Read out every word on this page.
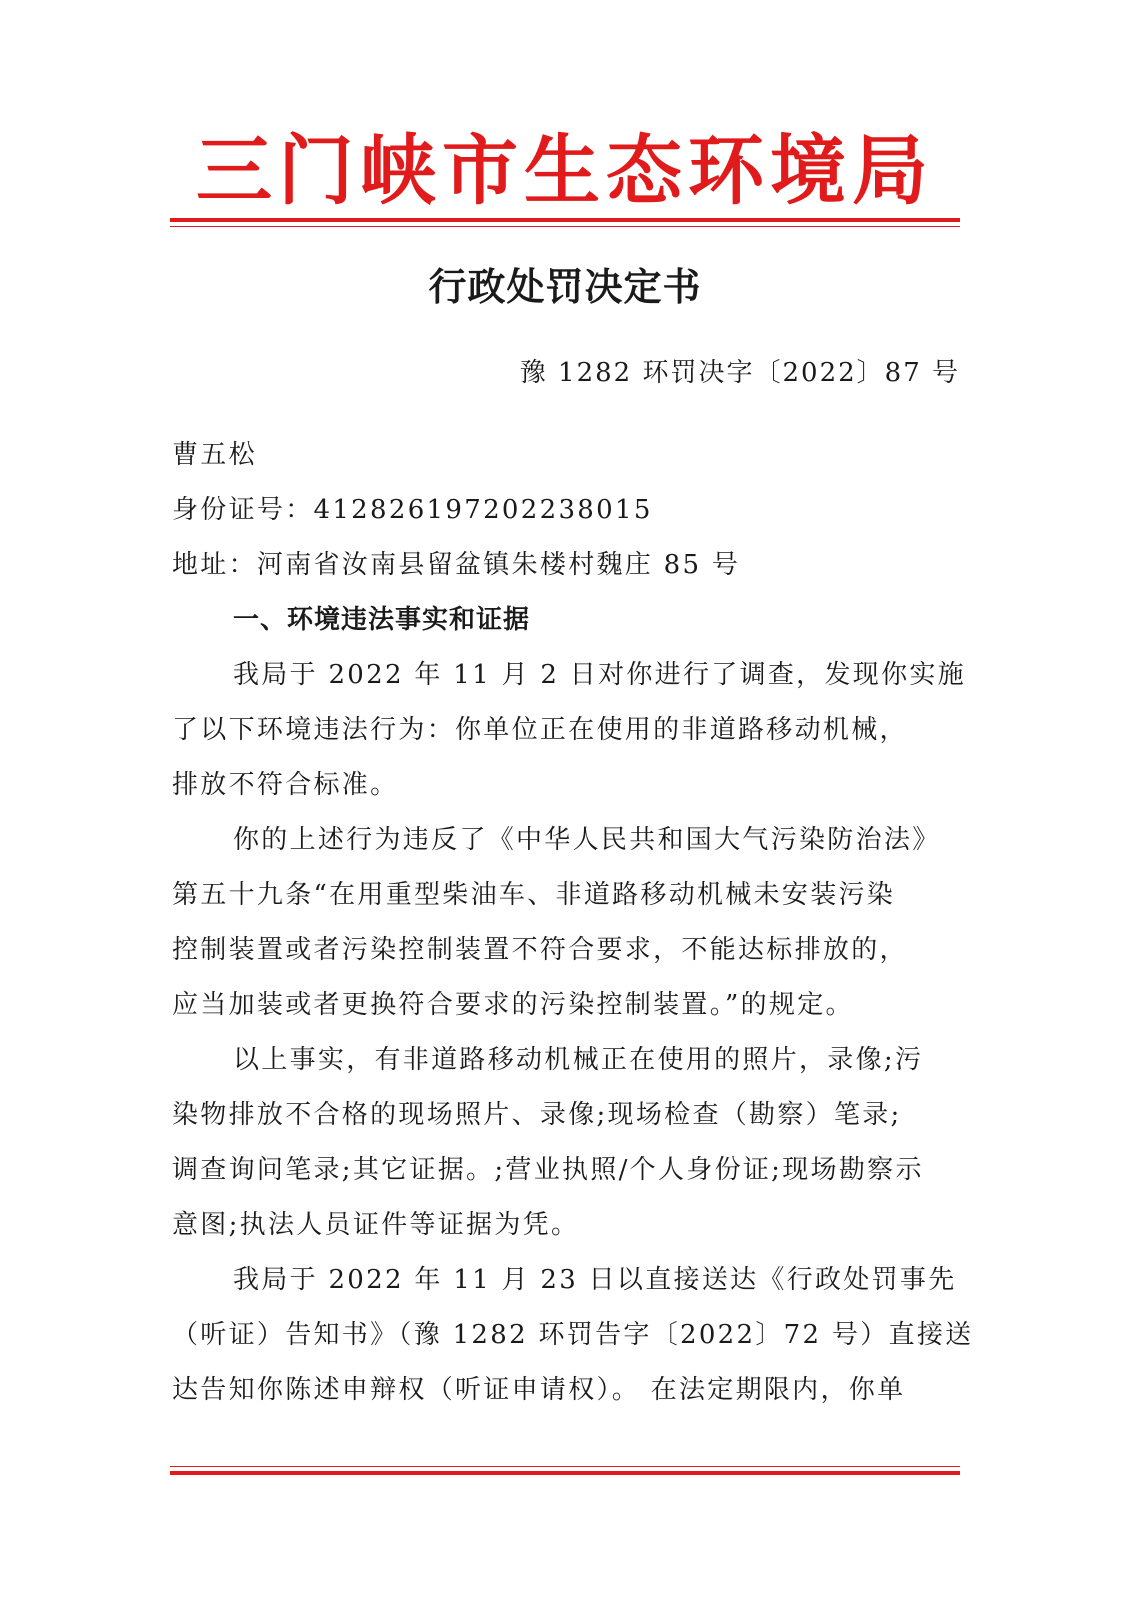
三门峡市生态环境局
行政处罚决定书
豫 1282 环罚决字〔2022〕87 号
曹五松
身份证号：412826197202238015
地址：河南省汝南县留盆镇朱楼村魏庄 85 号
一、环境违法事实和证据
我局于 2022 年 11 月 2 日对你进行了调查，发现你实施
了以下环境违法行为：你单位正在使用的非道路移动机械，
排放不符合标准。
你的上述行为违反了《中华人民共和国大气污染防治法》
第五十九条“在用重型柴油车、非道路移动机械未安装污染
控制装置或者污染控制装置不符合要求，不能达标排放的，
应当加装或者更换符合要求的污染控制装置。”的规定。
以上事实，有非道路移动机械正在使用的照片，录像;污
染物排放不合格的现场照片、录像;现场检查（勘察）笔录;
调查询问笔录;其它证据。;营业执照/个人身份证;现场勘察示
意图;执法人员证件等证据为凭。
我局于 2022 年 11 月 23 日以直接送达《行政处罚事先
（听证）告知书》（豫 1282 环罚告字〔2022〕72 号）直接送
达告知你陈述申辩权（听证申请权）。 在法定期限内，你单
